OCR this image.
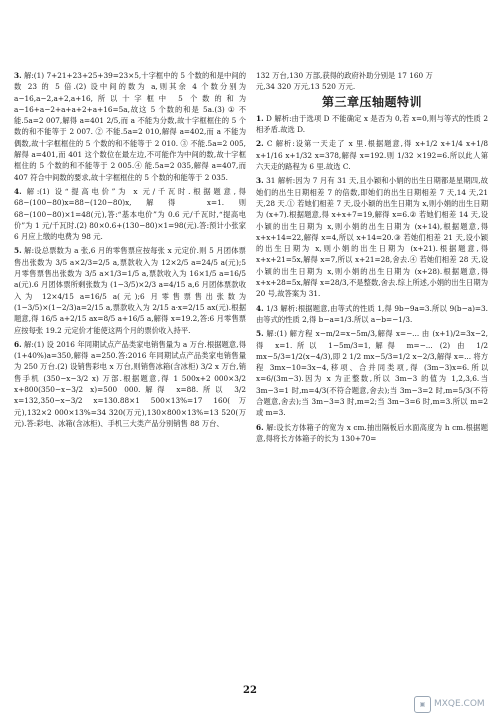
3. 解:(1) 7+21+23+25+39=23×5,十字框中的 5 个数的和是中间的数 23 的 5 倍.(2) 设中间的数为 a,则其余 4 个数分别为 a−16,a−2,a+2,a+16,所以十字框中 5 个数的和为 a−16+a−2+a+a+2+a+16=5a,故这 5 个数的和是 5a.(3) ① 不能.5a=2 007,解得 a=401 2/5,而 a 不能为分数,故十字框框住的 5 个数的和不能等于 2 007. ② 不能.5a=2 010,解得 a=402,而 a 不能为偶数,故十字框框住的 5 个数的和不能等于 2 010. ③ 不能.5a=2 005,解得 a=401,而 401 这个数位在最左边,不可能作为中间的数,故十字框框住的 5 个数的和不能等于 2 005.④ 能.5a=2 035,解得 a=407,而 407 符合中间数的要求,故十字框框住的 5 个数的和能等于 2 035.

4. 解:(1) 设“提高电价”为 x 元/千瓦时.根据题意,得 68−(100−80)x=88−(120−80)x,解得 x=1.则 68−(100−80)×1=48(元),答:“基本电价”为 0.6 元/千瓦时,“提高电价”为 1 元/千瓦时.(2) 80×0.6+(130−80)×1=98(元).答:预计小张家 6 月应上缴的电费为 98 元.

5. 解:设总票数为 a 张,6 月的零售票应按每张 x 元定价.则 5 月团体票售出张数为 3/5 a×2/3=2/5 a,票款收入为 12×2/5 a=24/5 a(元);5 月零售票售出张数为 3/5 a×1/3=1/5 a,票款收入为 16×1/5 a=16/5 a(元).6 月团体票所剩张数为 (1−3/5)×2/3 a=4/15 a,6 月团体票款收入为 12×4/15 a=16/5 a(元);6 月零售票售出张数为 (1−3/5)×(1−2/3)a=2/15 a,票款收入为 2/15 a·x=2/15 ax(元).根据题意,得 16/5 a+2/15 ax=8/5 a+16/5 a,解得 x=19.2,答:6 月零售票应按每张 19.2 元定价才能使这两个月的票价收入持平.

6. 解:(1) 设 2016 年同期试点产品类家电销售量为 a 万台.根据题意,得 (1+40%)a=350,解得 a=250.答:2016 年同期试点产品类家电销售量为 250 万台.(2) 设销售彩电 x 万台,则销售冰箱(含冰柜) 3/2 x 万台,销售手机 (350−x−3/2 x) 万部.根据题意,得 1 500x+2 000×3/2 x+800(350−x−3/2 x)=500 000.解得 x=88.所以 3/2 x=132,350−x−3/2 x=130.88×1 500×13%=17 160(万元),132×2 000×13%=34 320(万元),130×800×13%=13 520(万元).答:彩电、冰箱(含冰柜)、手机三大类产品分别销售 88 万台、

132 万台,130 万部,获得的政府补助分别是 17 160 万

元,34 320 万元,13 520 万元.

第三章压轴题特训

1. D 解析:由于选项 D 不能确定 x 是否为 0,若 x=0,则与等式的性质 2 相矛盾.故选 D.

2. C 解析:设第一天走了 x 里.根据题意,得 x+1/2 x+1/4 x+1/8 x+1/16 x+1/32 x=378,解得 x=192.则 1/32 ×192=6.所以此人第六天走的路程为 6 里.故选 C.

3. 31 解析:因为 7 月有 31 天,且小颖和小娟的出生日期都是星期四,故她们的出生日期相差 7 的倍数,即她们的出生日期相差 7 天,14 天,21 天,28 天.① 若她们相差 7 天,设小颖的出生日期为 x,则小娟的出生日期为 (x+7).根据题意,得 x+x+7=19,解得 x=6.② 若她们相差 14 天,设小颖的出生日期为 x,则小娟的出生日期为 (x+14),根据题意,得 x+x+14=22,解得 x=4,所以 x+14=20.③ 若她们相差 21 天,设小颖的出生日期为 x,则小娟的出生日期为 (x+21).根据题意,得 x+x+21=5x,解得 x=7,所以 x+21=28,舍去.④ 若她们相差 28 天,设小颖的出生日期为 x,则小娟的出生日期为 (x+28).根据题意,得 x+x+28=5x,解得 x=28/3,不是整数,舍去.综上所述,小娟的出生日期为 20 号,故答案为 31.

4. 1/3 解析:根据题意,由等式的性质 1,得 9b−9a=3.所以 9(b−a)=3.由等式的性质 2,得 b−a=1/3.所以 a−b=−1/3.

5. 解:(1) 解方程 x−m/2=x−5m/3,解得 x=−... 由 (x+1)/2=3x−2,得 x=1.所以 1−5m/3=1,解得 m=−... (2) 由 1/2 mx−5/3=1/2(x−4/3),即 2 1/2 mx−5/3=1/2 x−2/3,解得 x=... 将方程 3mx−10=3x−4,移项、合并同类项,得 (3m−3)x=6.所以 x=6/(3m−3).因为 x 为正整数,所以 3m−3 的值为 1,2,3,6.当 3m−3=1 时,m=4/3(不符合题意,舍去);当 3m−3=2 时,m=5/3(不符合题意,舍去);当 3m−3=3 时,m=2;当 3m−3=6 时,m=3.所以 m=2 或 m=3.

6. 解:设长方体箱子的宽为 x cm.抽出隔板后水面高度为 h cm.根据题意,得将长方体箱子的长为 130+70=

22
▣ MXQE.COM
